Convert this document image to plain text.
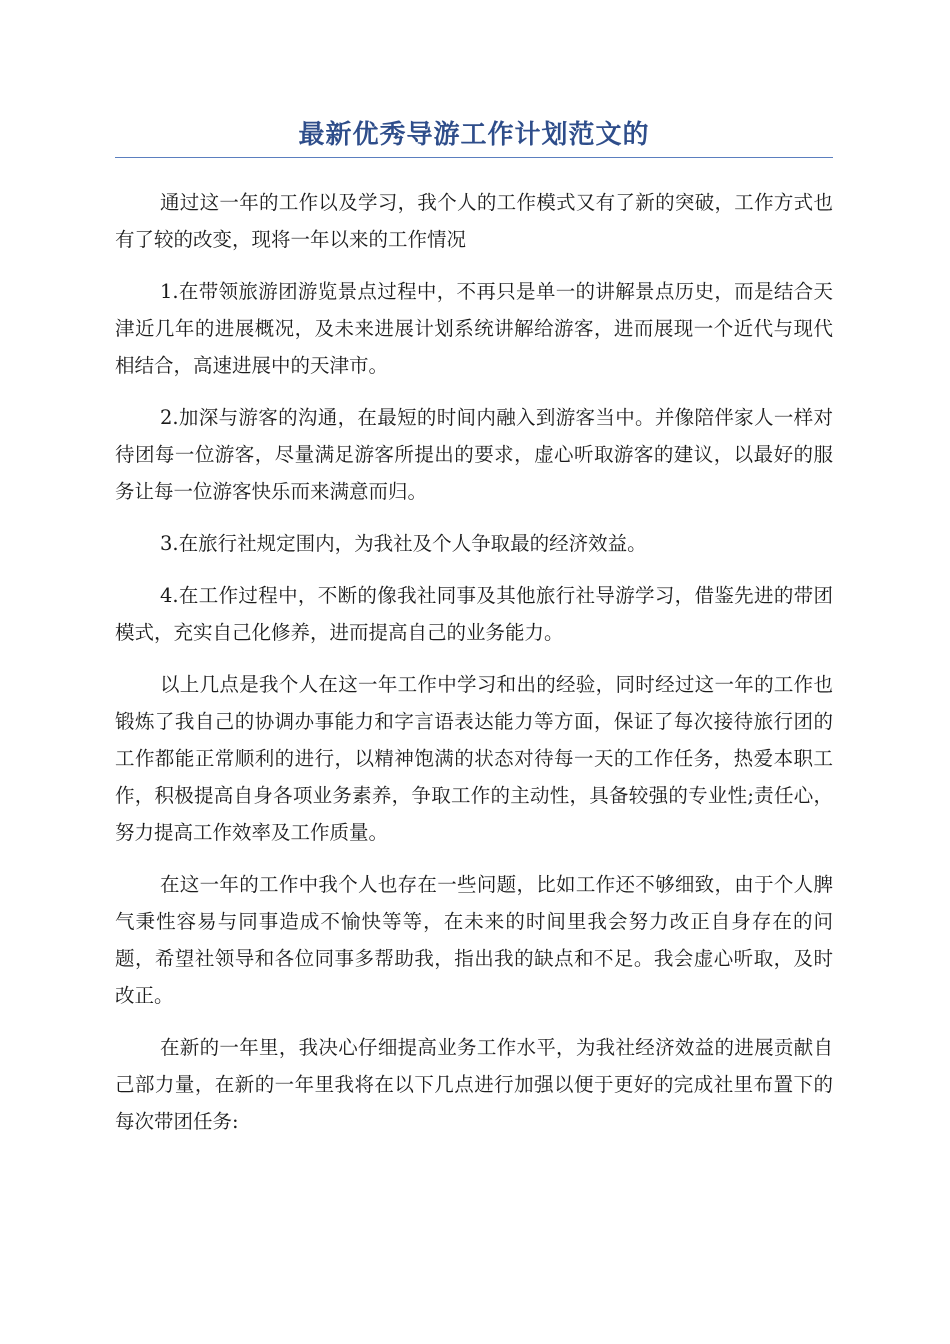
最新优秀导游工作计划范文的

通过这一年的工作以及学习，我个人的工作模式又有了新的突破，工作方式也有了较的改变，现将一年以来的工作情况

1.在带领旅游团游览景点过程中，不再只是单一的讲解景点历史，而是结合天津近几年的进展概况，及未来进展计划系统讲解给游客，进而展现一个近代与现代相结合，高速进展中的天津市。

2.加深与游客的沟通，在最短的时间内融入到游客当中。并像陪伴家人一样对待团每一位游客，尽量满足游客所提出的要求，虚心听取游客的建议，以最好的服务让每一位游客快乐而来满意而归。

3.在旅行社规定围内，为我社及个人争取最的经济效益。

4.在工作过程中，不断的像我社同事及其他旅行社导游学习，借鉴先进的带团模式，充实自己化修养，进而提高自己的业务能力。

以上几点是我个人在这一年工作中学习和出的经验，同时经过这一年的工作也锻炼了我自己的协调办事能力和字言语表达能力等方面，保证了每次接待旅行团的工作都能正常顺利的进行，以精神饱满的状态对待每一天的工作任务，热爱本职工作，积极提高自身各项业务素养，争取工作的主动性，具备较强的专业性;责任心，努力提高工作效率及工作质量。

在这一年的工作中我个人也存在一些问题，比如工作还不够细致，由于个人脾气秉性容易与同事造成不愉快等等，在未来的时间里我会努力改正自身存在的问题，希望社领导和各位同事多帮助我，指出我的缺点和不足。我会虚心听取，及时改正。

在新的一年里，我决心仔细提高业务工作水平，为我社经济效益的进展贡献自己部力量，在新的一年里我将在以下几点进行加强以便于更好的完成社里布置下的每次带团任务:
